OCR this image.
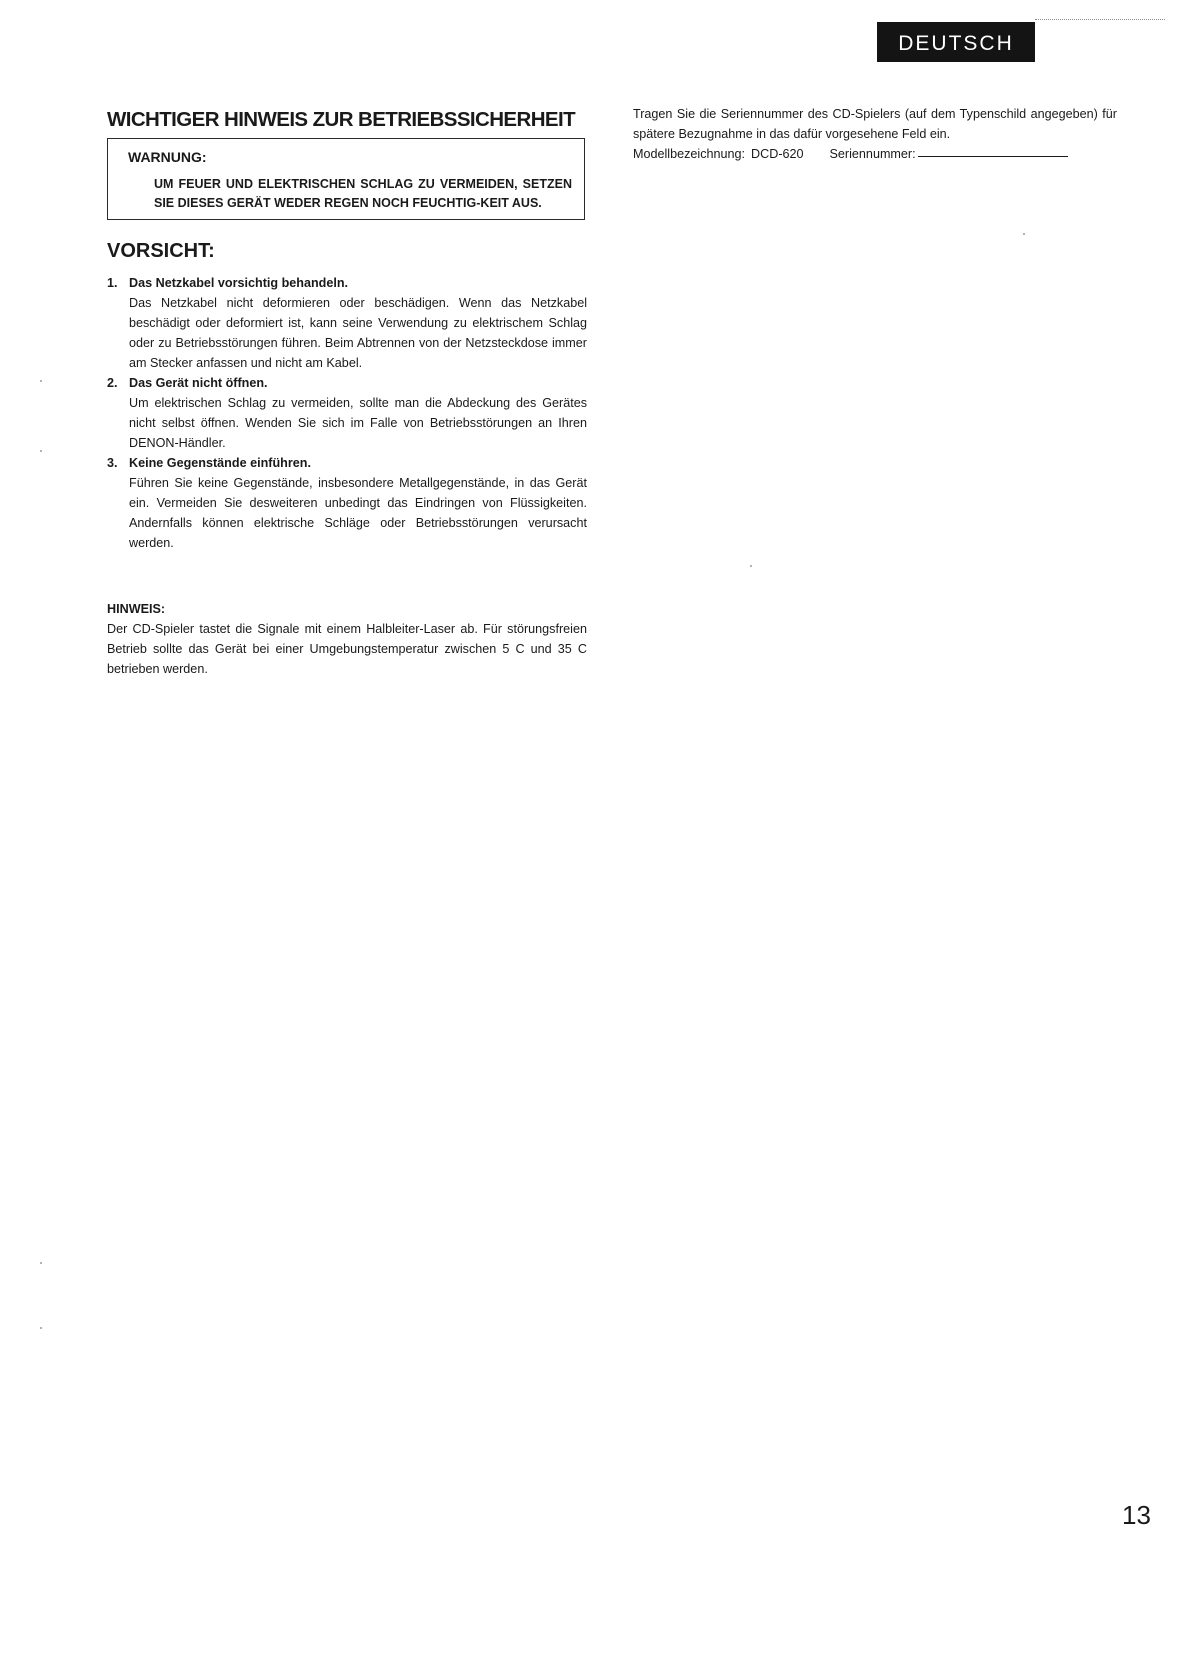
DEUTSCH
WICHTIGER HINWEIS ZUR BETRIEBSSICHERHEIT
WARNUNG:
UM FEUER UND ELEKTRISCHEN SCHLAG ZU VERMEIDEN, SETZEN SIE DIESES GERÄT WEDER REGEN NOCH FEUCHTIG-KEIT AUS.
VORSICHT:
1. Das Netzkabel vorsichtig behandeln.
Das Netzkabel nicht deformieren oder beschädigen. Wenn das Netzkabel beschädigt oder deformiert ist, kann seine Verwendung zu elektrischem Schlag oder zu Betriebsstörungen führen. Beim Abtrennen von der Netzsteckdose immer am Stecker anfassen und nicht am Kabel.
2. Das Gerät nicht öffnen.
Um elektrischen Schlag zu vermeiden, sollte man die Abdeckung des Gerätes nicht selbst öffnen. Wenden Sie sich im Falle von Betriebsstörungen an Ihren DENON-Händler.
3. Keine Gegenstände einführen.
Führen Sie keine Gegenstände, insbesondere Metallgegenstände, in das Gerät ein. Vermeiden Sie desweiteren unbedingt das Eindringen von Flüssigkeiten. Andernfalls können elektrische Schläge oder Betriebsstörungen verursacht werden.
HINWEIS:
Der CD-Spieler tastet die Signale mit einem Halbleiter-Laser ab. Für störungsfreien Betrieb sollte das Gerät bei einer Umgebungstemperatur zwischen 5 C und 35 C betrieben werden.
Tragen Sie die Seriennummer des CD-Spielers (auf dem Typenschild angegeben) für spätere Bezugnahme in das dafür vorgesehene Feld ein.
Modellbezeichnung: DCD-620 Seriennummer:
13
